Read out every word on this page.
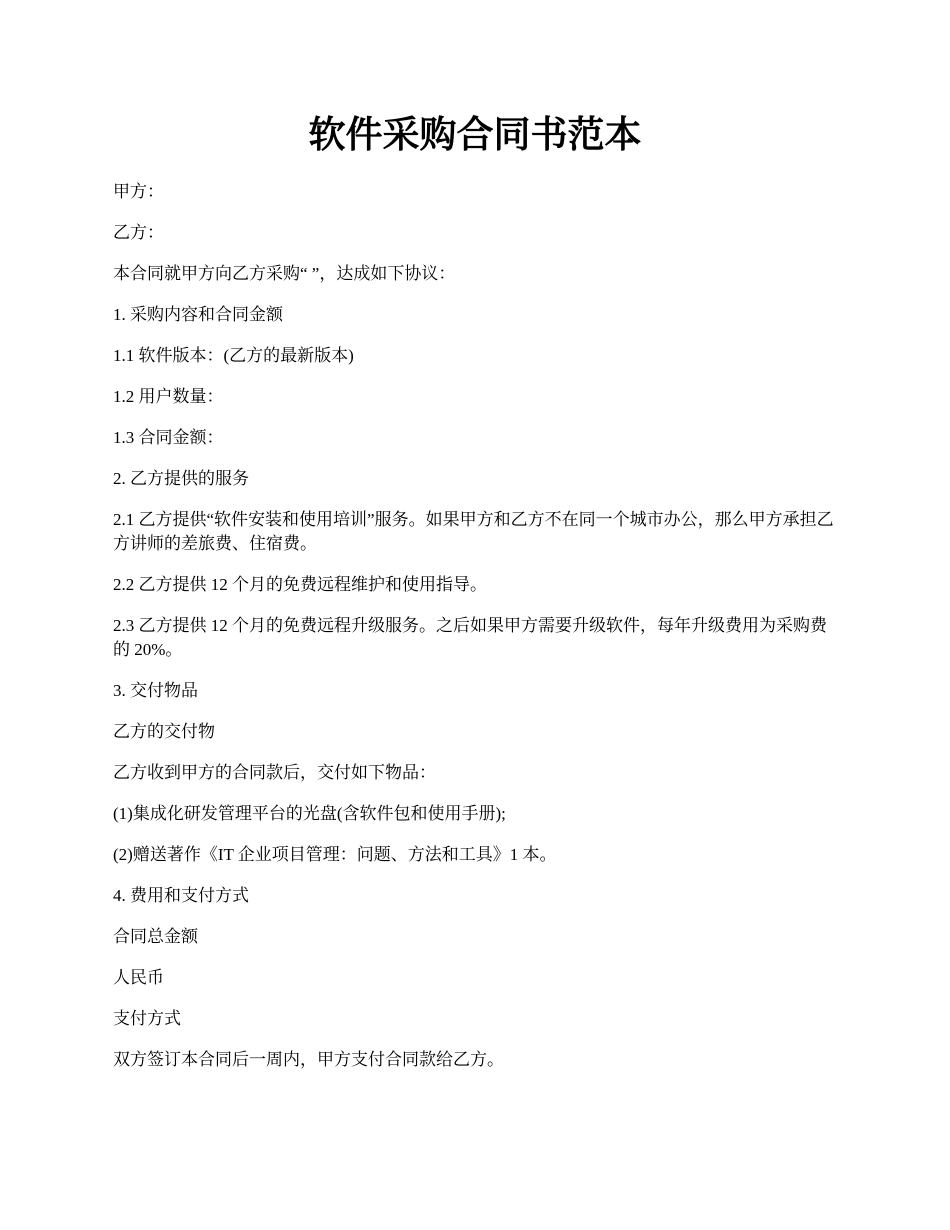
软件采购合同书范本

甲方：

乙方：

本合同就甲方向乙方采购“ ”，达成如下协议：

1. 采购内容和合同金额

1.1 软件版本：(乙方的最新版本)

1.2 用户数量：

1.3 合同金额：

2. 乙方提供的服务

2.1 乙方提供“软件安装和使用培训”服务。如果甲方和乙方不在同一个城市办公，那么甲方承担乙方讲师的差旅费、住宿费。

2.2 乙方提供 12 个月的免费远程维护和使用指导。

2.3 乙方提供 12 个月的免费远程升级服务。之后如果甲方需要升级软件，每年升级费用为采购费的 20%。

3. 交付物品

乙方的交付物

乙方收到甲方的合同款后，交付如下物品：

(1)集成化研发管理平台的光盘(含软件包和使用手册);

(2)赠送著作《IT 企业项目管理：问题、方法和工具》1 本。

4. 费用和支付方式

合同总金额

人民币

支付方式

双方签订本合同后一周内，甲方支付合同款给乙方。
